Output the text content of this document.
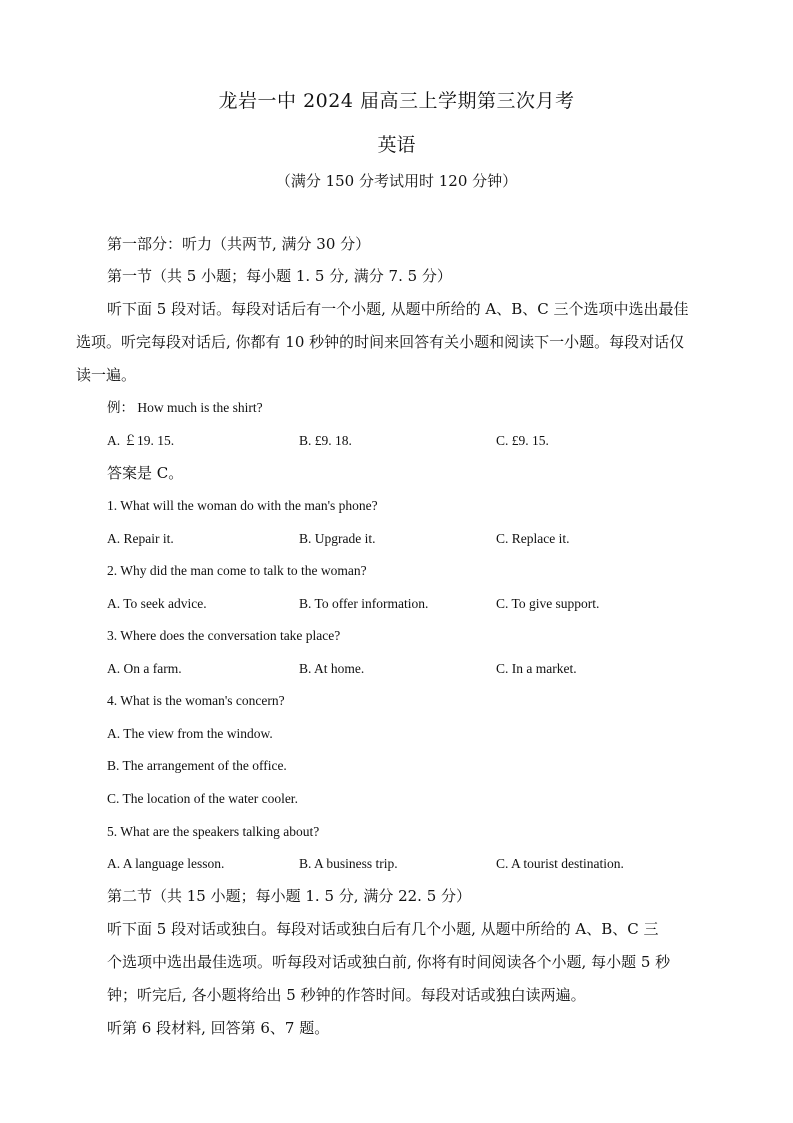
龙岩一中 2024 届高三上学期第三次月考
英语
（满分 150 分考试用时 120 分钟）
第一部分：听力（共两节, 满分 30 分）
第一节（共 5 小题；每小题 1. 5 分, 满分 7. 5 分）
听下面 5 段对话。每段对话后有一个小题, 从题中所给的 A、B、C 三个选项中选出最佳
选项。听完每段对话后, 你都有 10 秒钟的时间来回答有关小题和阅读下一小题。每段对话仅
读一遍。
例： How much is the shirt?
A. ￡19. 15.	B. £9. 18.	C. £9. 15.
答案是 C。
1. What will the woman do with the man's phone?
A. Repair it.	B. Upgrade it.	C. Replace it.
2. Why did the man come to talk to the woman?
A. To seek advice.	B. To offer information.	C. To give support.
3. Where does the conversation take place?
A. On a farm.	B. At home.	C. In a market.
4. What is the woman's concern?
A. The view from the window.
B. The arrangement of the office.
C. The location of the water cooler.
5. What are the speakers talking about?
A. A language lesson.	B. A business trip.	C. A tourist destination.
第二节（共 15 小题；每小题 1. 5 分, 满分 22. 5 分）
听下面 5 段对话或独白。每段对话或独白后有几个小题, 从题中所给的 A、B、C 三
个选项中选出最佳选项。听每段对话或独白前, 你将有时间阅读各个小题, 每小题 5 秒
钟；听完后, 各小题将给出 5 秒钟的作答时间。每段对话或独白读两遍。
听第 6 段材料, 回答第 6、7 题。
